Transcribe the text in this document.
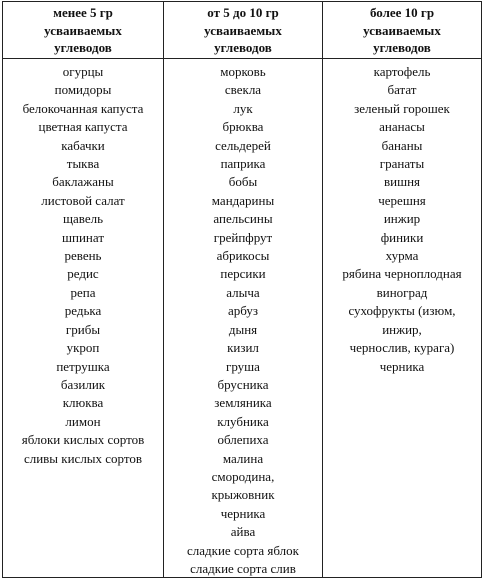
менее 5 гр
усваиваемых
углеводов
от 5 до 10 гр
усваиваемых
углеводов
более 10 гр
усваиваемых
углеводов
огурцы
помидоры
белокочанная капуста
цветная капуста
кабачки
тыква
баклажаны
листовой салат
щавель
шпинат
ревень
редис
репа
редька
грибы
укроп
петрушка
базилик
клюква
лимон
яблоки кислых сортов
сливы кислых сортов
морковь
свекла
лук
брюква
сельдерей
паприка
бобы
мандарины
апельсины
грейпфрут
абрикосы
персики
алыча
арбуз
дыня
кизил
груша
брусника
земляника
клубника
облепиха
малина
смородина,
крыжовник
черника
айва
сладкие сорта яблок
сладкие сорта слив
картофель
батат
зеленый горошек
ананасы
бананы
гранаты
вишня
черешня
инжир
финики
хурма
рябина черноплодная
виноград
сухофрукты (изюм,
инжир,
чернослив, курага)
черника
